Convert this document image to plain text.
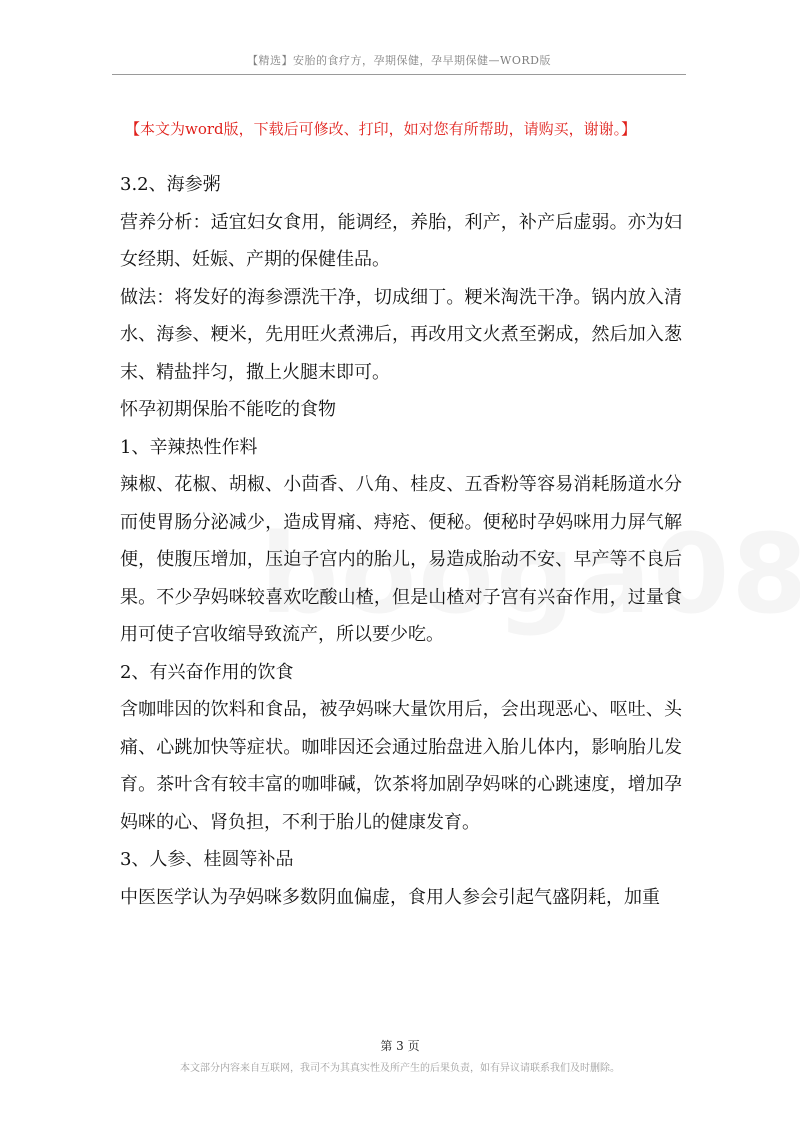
【精选】安胎的食疗方，孕期保健，孕早期保健—WORD版
【本文为word版，下载后可修改、打印，如对您有所帮助，请购买，谢谢。】

3.2、海参粥

营养分析：适宜妇女食用，能调经，养胎，利产，补产后虚弱。亦为妇女经期、妊娠、产期的保健佳品。

做法：将发好的海参漂洗干净，切成细丁。粳米淘洗干净。锅内放入清水、海参、粳米，先用旺火煮沸后，再改用文火煮至粥成，然后加入葱末、精盐拌匀，撒上火腿末即可。

怀孕初期保胎不能吃的食物

1、辛辣热性作料

辣椒、花椒、胡椒、小茴香、八角、桂皮、五香粉等容易消耗肠道水分而使胃肠分泌减少，造成胃痛、痔疮、便秘。便秘时孕妈咪用力屏气解便，使腹压增加，压迫子宫内的胎儿，易造成胎动不安、早产等不良后果。不少孕妈咪较喜欢吃酸山楂，但是山楂对子宫有兴奋作用，过量食用可使子宫收缩导致流产，所以要少吃。

2、有兴奋作用的饮食

含咖啡因的饮料和食品，被孕妈咪大量饮用后，会出现恶心、呕吐、头痛、心跳加快等症状。咖啡因还会通过胎盘进入胎儿体内，影响胎儿发育。茶叶含有较丰富的咖啡碱，饮茶将加剧孕妈咪的心跳速度，增加孕妈咪的心、肾负担，不利于胎儿的健康发育。

3、人参、桂圆等补品

中医医学认为孕妈咪多数阴血偏虚，食用人参会引起气盛阴耗，加重

第 3 页
本文部分内容来自互联网，我司不为其真实性及所产生的后果负责，如有异议请联系我们及时删除。
